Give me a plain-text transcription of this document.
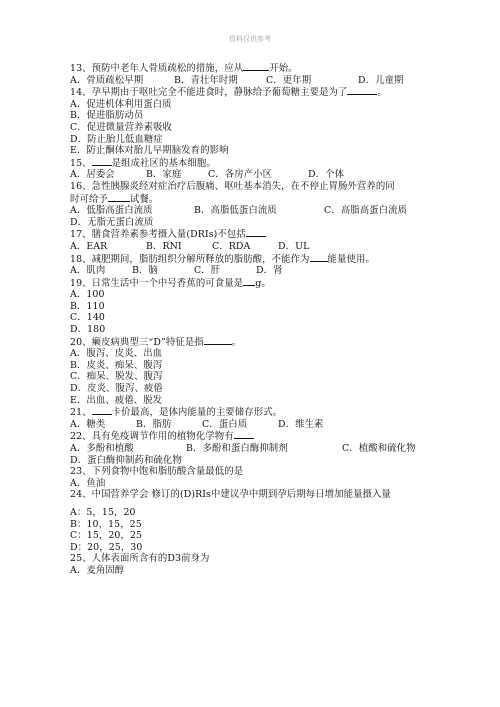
资料仅供参考
13、预防中老年人骨质疏松的措施，应从	开始。
A．骨质疏松早期	B．青壮年时期	C．更年期	D．儿童期
14、孕早期由于呕吐完全不能进食时，静脉给予葡萄糖主要是为了	。
A．促进机体利用蛋白质
B．促进脂肪动员
C．促进微量营养素吸收
D．防止胎儿低血糖症
E．防止酮体对胎儿早期脑发育的影响
15、 是组成社区的基本细胞。
A．居委会	B．家庭	C．各房产小区	D．个体
16、急性胰腺炎经对症治疗后腹痛、呕吐基本消失，在不停止胃肠外营养的同
时可给予 试餐。
A．低脂高蛋白流质	B．高脂低蛋白流质	C．高脂高蛋白流质
D．无脂无蛋白流质
17、膳食营养素参考摄入量(DRIs)不包括
A．EAR	B．RNI	C．RDA	D．UL
18、减肥期间，脂肪组织分解所释放的脂肪酸，不能作为 能量使用。
A．肌肉	B．脑	C．肝	D．肾
19、日常生活中一个中号香蕉的可食量是 g。
A．100
B．110
C．140
D．180
20、癞皮病典型三“D”特征是指	。
A．腹泻、皮炎、出血
B．皮炎、痴呆、腹泻
C．痴呆、脱发、腹泻
D．皮炎、腹泻、疲倦
E．出血、疲倦、脱发
21、 卡价最高，是体内能量的主要储存形式。
A．糖类	B．脂肪	C．蛋白质	D．维生素
22、具有免疫调节作用的植物化学物有
A．多酚和植酸	B．多酚和蛋白酶抑制剂	C．植酸和硫化物
D．蛋白酶抑制药和硫化物
23、下列食物中饱和脂肪酸含量最低的是
A．鱼油
24、中国营养学会 修订的(D)RIs中建议孕中期到孕后期每日增加能量摄入量
A：5，15，20
B：10，15，25
C：15，20，25
D：20，25，30
25、人体表面所含有的D3前身为
A．麦角固醇
